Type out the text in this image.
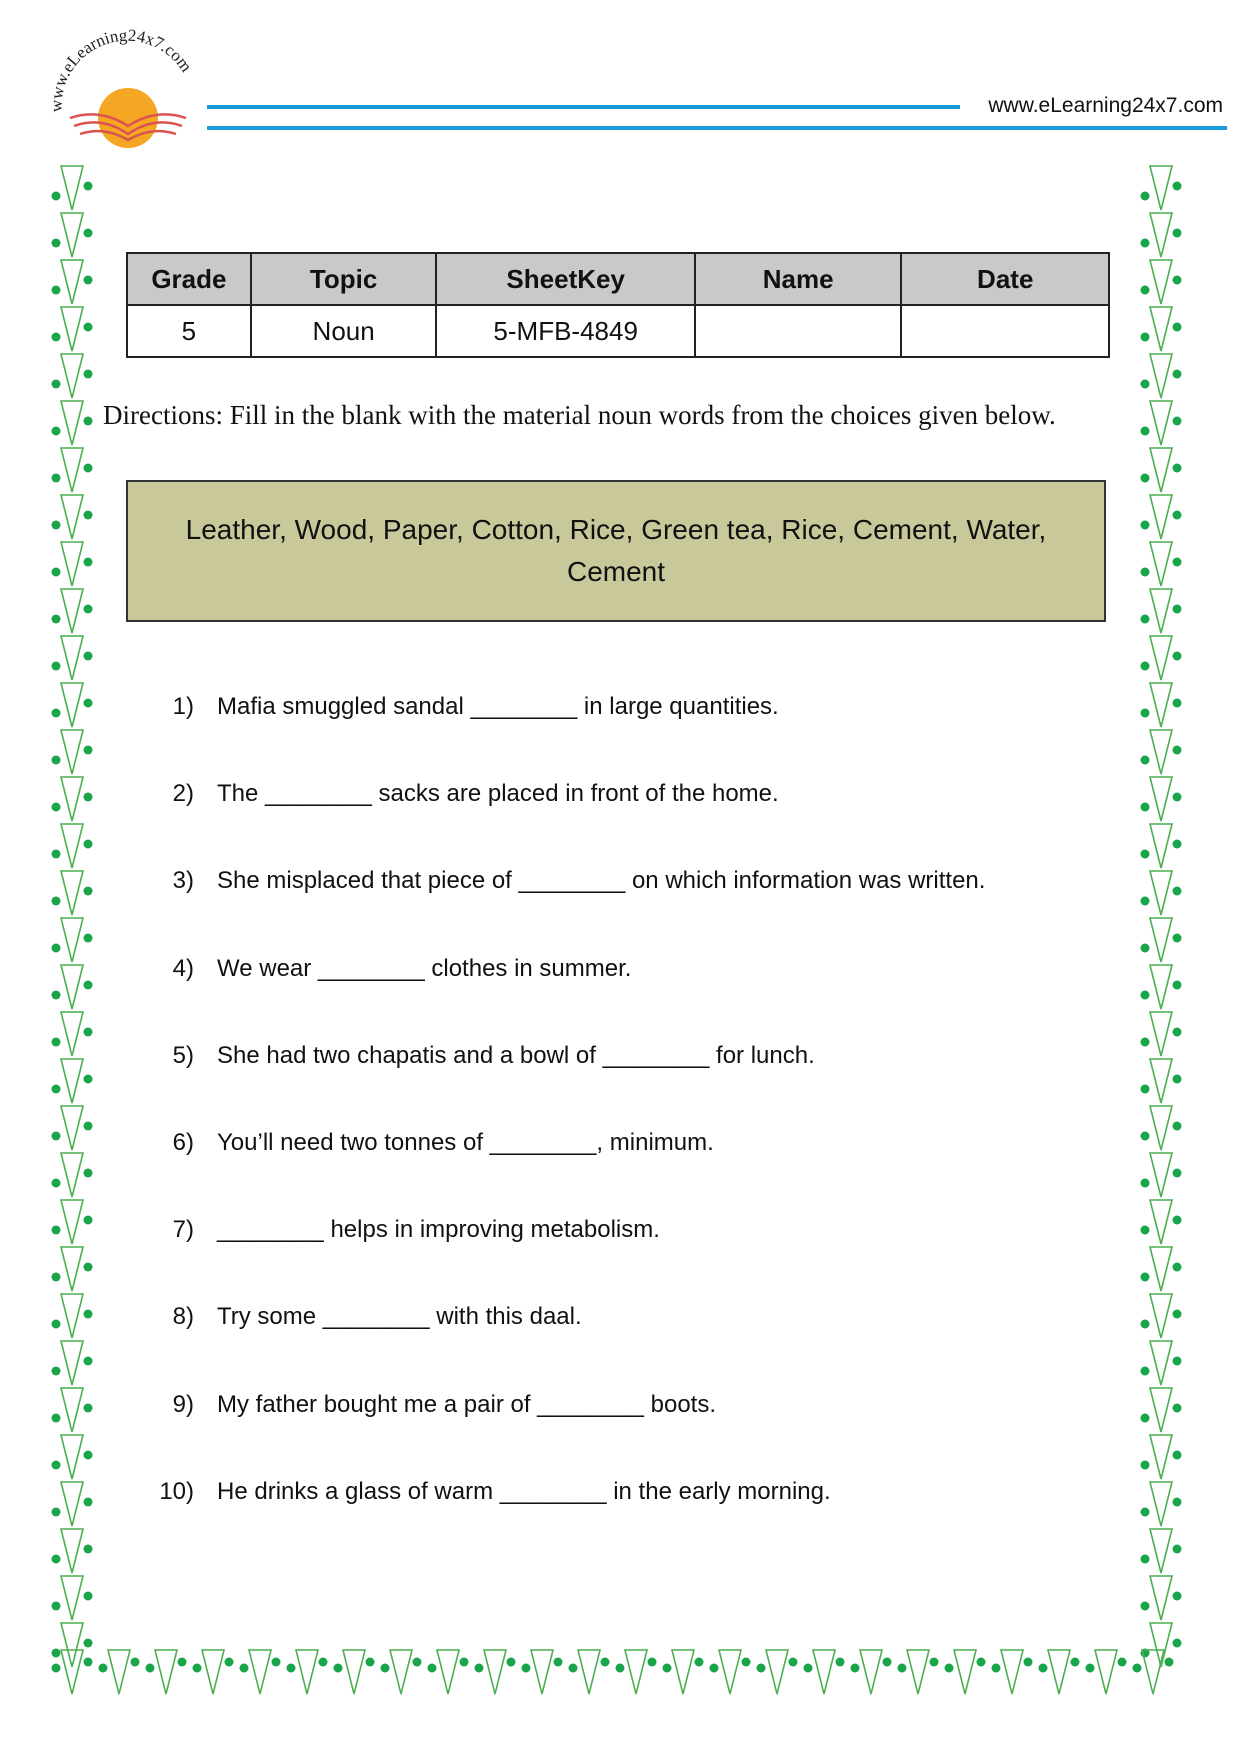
www.eLearning24x7.com
www.eLearning24x7.com
Grade	Topic	SheetKey	Name	Date
5	Noun	5-MFB-4849		
Directions: Fill in the blank with the material noun words from the choices given below.
Leather, Wood, Paper, Cotton, Rice, Green tea, Rice, Cement, Water, Cement
1) Mafia smuggled sandal ________ in large quantities.
2) The ________ sacks are placed in front of the home.
3) She misplaced that piece of ________ on which information was written.
4) We wear ________ clothes in summer.
5) She had two chapatis and a bowl of ________ for lunch.
6) You’ll need two tonnes of ________, minimum.
7) ________ helps in improving metabolism.
8) Try some ________ with this daal.
9) My father bought me a pair of ________ boots.
10) He drinks a glass of warm ________ in the early morning.
